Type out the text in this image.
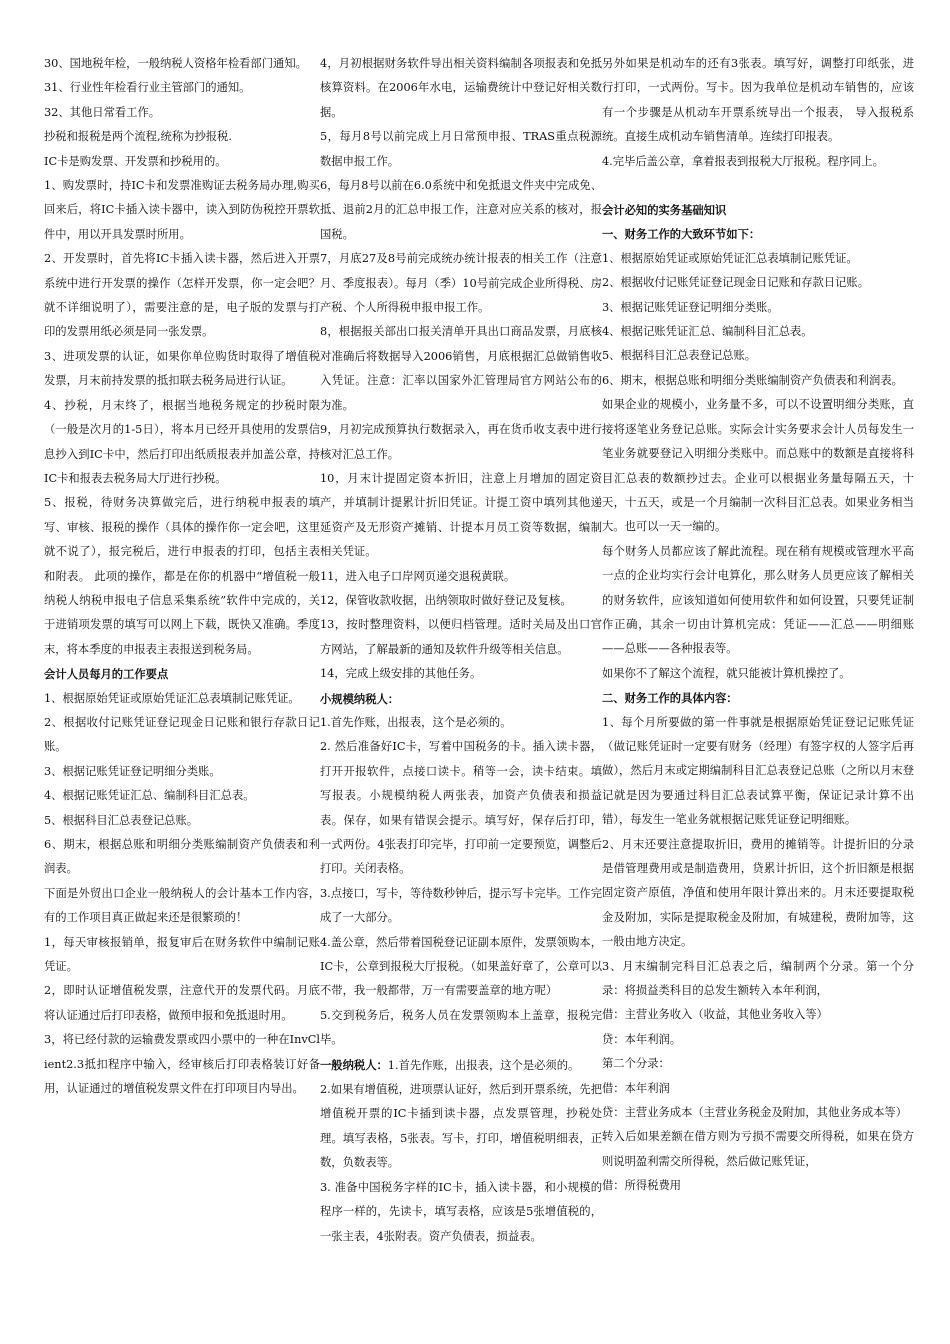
30、国地税年检，一般纳税人资格年检看部门通知。

31、行业性年检看行业主管部门的通知。

32、其他日常看工作。

抄税和报税是两个流程,统称为抄报税.

IC卡是购发票、开发票和抄税用的。

1、购发票时，持IC卡和发票准购证去税务局办理,购买回来后，将IC卡插入读卡器中，读入到防伪税控开票软件中，用以开具发票时所用。

2、开发票时，首先将IC卡插入读卡器，然后进入开票系统中进行开发票的操作（怎样开发票，你一定会吧？就不详细说明了），需要注意的是，电子版的发票与打印的发票用纸必须是同一张发票。

3、进项发票的认证，如果你单位购货时取得了增值税发票，月末前持发票的抵扣联去税务局进行认证。

4、抄税，月末终了，根据当地税务规定的抄税时限（一般是次月的1-5日），将本月已经开具使用的发票信息抄入到IC卡中，然后打印出纸质报表并加盖公章，持IC卡和报表去税务局大厅进行抄税。

5、报税，待财务决算做完后，进行纳税申报表的填写、审核、报税的操作（具体的操作你一定会吧，这里就不说了），报完税后，进行申报表的打印，包括主表和附表。 此项的操作，都是在你的机器中“增值税一般纳税人纳税申报电子信息采集系统”软件中完成的，关于进销项发票的填写可以网上下载，既快又准确。季度末，将本季度的申报表主表报送到税务局。

会计人员每月的工作要点

1、根据原始凭证或原始凭证汇总表填制记账凭证。

2、根据收付记账凭证登记现金日记账和银行存款日记账。

3、根据记账凭证登记明细分类账。

4、根据记账凭证汇总、编制科目汇总表。

5、根据科目汇总表登记总账。

6、期末，根据总账和明细分类账编制资产负债表和利润表。

下面是外贸出口企业一般纳税人的会计基本工作内容，有的工作项目真正做起来还是很繁琐的！

1，每天审核报销单，报复审后在财务软件中编制记账凭证。

2，即时认证增值税发票，注意代开的发票代码。月底将认证通过后打印表格，做预申报和免抵退时用。

3，将已经付款的运输费发票或四小票中的一种在InvClient2.3抵扣程序中输入，经审核后打印表格装订好备用，认证通过的增值税发票文件在打印项目内导出。

4，月初根据财务软件导出相关资料编制各项报表和免抵核算资料。在2006年水电，运输费统计中登记好相关数据。

5，每月8号以前完成上月日常预申报、TRAS重点税源数据申报工作。

6，每月8号以前在6.0系统中和免抵退文件夹中完成免、抵、退前2月的汇总申报工作，注意对应关系的核对，报国税。

7，月底27及8号前完成统办统计报表的相关工作（注意月、季度报表）。每月（季）10号前完成企业所得税、房产税、个人所得税申报申报工作。

8，根据报关部出口报关清单开具出口商品发票，月底核对准确后将数据导入2006销售，月底根据汇总做销售收入凭证。注意：汇率以国家外汇管理局官方网站公布的为准。

9，月初完成预算执行数据录入，再在货币收支表中进行核对汇总工作。

10，月末计提固定资本折旧，注意上月增加的固定资产，并填制计提累计折旧凭证。计提工资中填列其他递延资产及无形资产摊销、计提本月员工资等数据，编制相关凭证。

11，进入电子口岸网页递交退税黄联。

12，保管收款收据，出纳领取时做好登记及复核。

13，按时整理资料，以便归档管理。适时关局及出口官方网站，了解最新的通知及软件升级等相关信息。

14，完成上级安排的其他任务。

小规模纳税人：

1.首先作账，出报表，这个是必须的。

2. 然后准备好IC卡，写着中国税务的卡。插入读卡器，打开开报软件，点接口读卡。稍等一会，读卡结束。填写报表。小规模纳税人两张表，加资产负债表和损益表。保存，如果有错误会提示。填写好，保存后打印，一式两份。4张表打印完毕，打印前一定要预览，调整后打印。关闭表格。

3.点接口，写卡，等待数秒钟后，提示写卡完毕。工作完成了一大部分。

4.盖公章，然后带着国税登记证副本原件，发票领购本，IC卡，公章到报税大厅报税。（如果盖好章了，公章可以不带，我一般都带，万一有需要盖章的地方呢）

5.交到税务后，税务人员在发票领购本上盖章，报税完毕。

一般纳税人：1.首先作账，出报表，这个是必须的。

2.如果有增值税，进项票认证好，然后到开票系统，先把增值税开票的IC卡插到读卡器，点发票管理，抄税处理。填写表格，5张表。写卡，打印，增值税明细表，正数，负数表等。

3. 准备中国税务字样的IC卡，插入读卡器，和小规模的程序一样的，先读卡，填写表格，应该是5张增值税的，一张主表，4张附表。资产负债表，损益表。

另外如果是机动车的还有3张表。填写好，调整打印纸张，进行打印，一式两份。写卡。因为我单位是机动车销售的，应该有一个步骤是从机动车开票系统导出一个报表， 导入报税系统。直接生成机动车销售清单。连续打印报表。

4.完毕后盖公章，拿着报表到报税大厅报税。程序同上。

会计必知的实务基础知识

一、财务工作的大致环节如下：

1、根据原始凭证或原始凭证汇总表填制记账凭证。

2、根据收付记账凭证登记现金日记账和存款日记账。

3、根据记账凭证登记明细分类账。

4、根据记账凭证汇总、编制科目汇总表。

5、根据科目汇总表登记总账。

6、期末，根据总账和明细分类账编制资产负债表和利润表。

如果企业的规模小，业务量不多，可以不设置明细分类账，直接将逐笔业务登记总账。实际会计实务要求会计人员每发生一笔业务就要登记入明细分类账中。而总账中的数额是直接将科目汇总表的数额抄过去。企业可以根据业务量每隔五天，十天，十五天，或是一个月编制一次科目汇总表。如果业务相当大。也可以一天一编的。

每个财务人员都应该了解此流程。现在稍有规模或管理水平高一点的企业均实行会计电算化，那么财务人员更应该了解相关的财务软件，应该知道如何使用软件和如何设置，只要凭证制作正确，其余一切由计算机完成：凭证——汇总——明细账——总账——各种报表等。

如果你不了解这个流程，就只能被计算机操控了。

二、财务工作的具体内容：

1、每个月所要做的第一件事就是根据原始凭证登记记账凭证（做记账凭证时一定要有财务（经理）有签字权的人签字后再做），然后月末或定期编制科目汇总表登记总账（之所以月末登记就是因为要通过科目汇总表试算平衡，保证记录计算不出错），每发生一笔业务就根据记账凭证登记明细账。

2、月末还要注意提取折旧，费用的摊销等。计提折旧的分录是借管理费用或是制造费用，贷累计折旧，这个折旧额是根据固定资产原值，净值和使用年限计算出来的。月末还要提取税金及附加，实际是提取税金及附加，有城建税，费附加等，这一般由地方决定。

3、月末编制完科目汇总表之后，编制两个分录。第一个分录：将损益类科目的总发生额转入本年利润，

借：主营业务收入（收益，其他业务收入等）

贷：本年利润。

第二个分录：

借：本年利润

贷：主营业务成本（主营业务税金及附加，其他业务成本等）

转入后如果差额在借方则为亏损不需要交所得税，如果在贷方则说明盈利需交所得税，然后做记账凭证，

借：所得税费用
